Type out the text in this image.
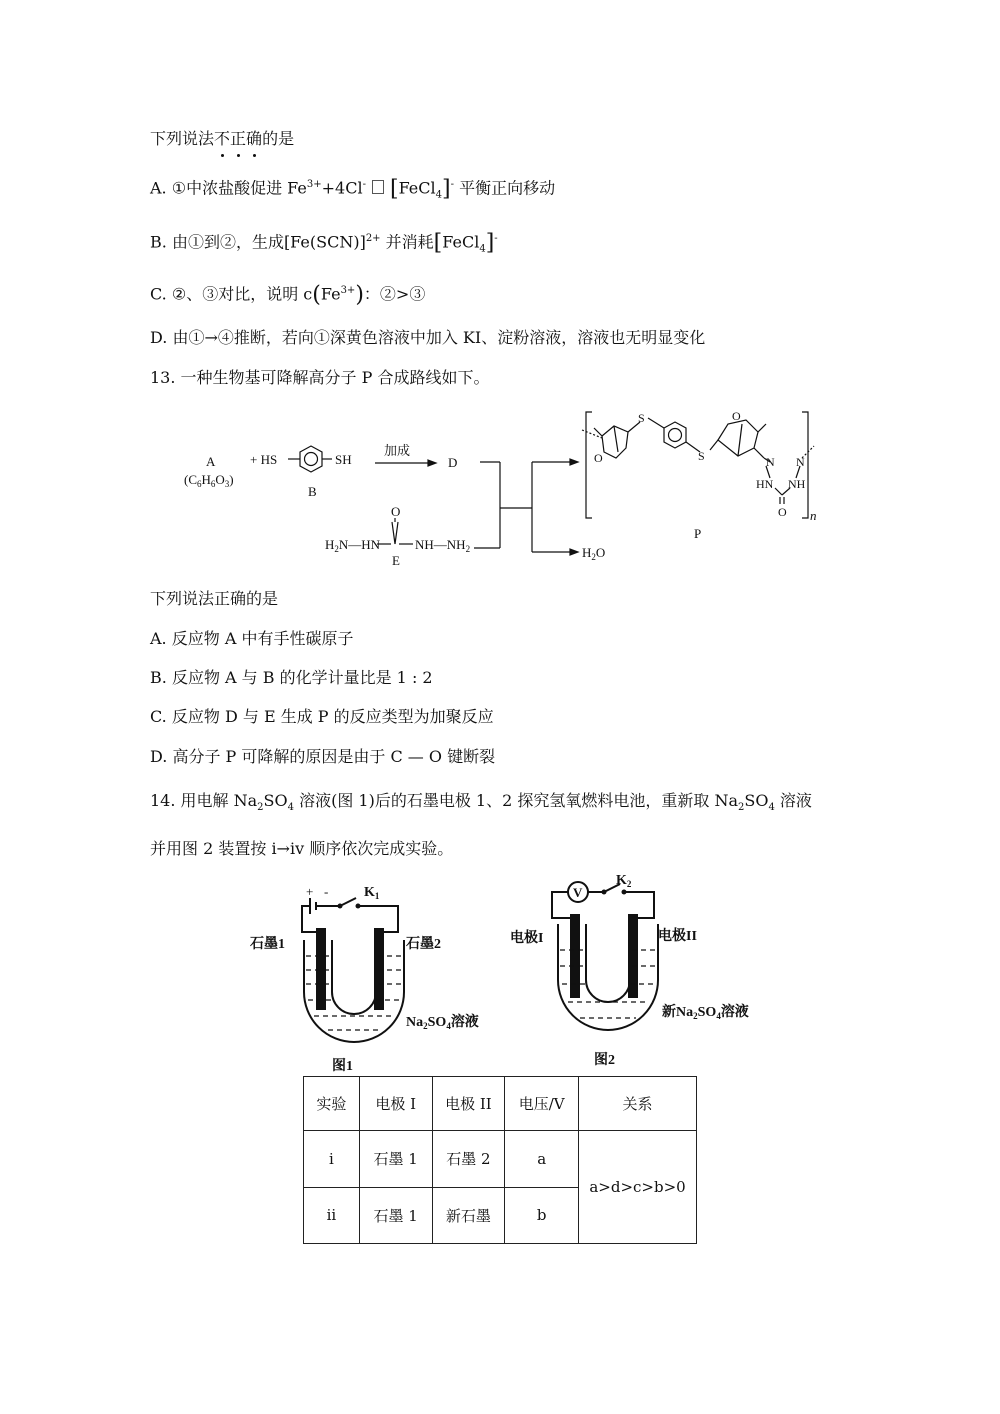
下列说法不正确的是
A. ①中浓盐酸促进 $Fe^{3+}+4Cl^-$ [FeCl$_4$]- 平衡正向移动
B. 由①到②，生成$[Fe(SCN)]^{2+}$ 并消耗[FeCl$_4$]-
C. ②、③对比，说明 $c(Fe^{3+})$：②>③
D. 由①→④推断，若向①深黄色溶液中加入 KI、淀粉溶液，溶液也无明显变化
13. 一种生物基可降解高分子 P 合成路线如下。
A
$(C_6H_6O_3)$
+ HS	SH
B
加成
D
O
$H_2N—HN$	$NH—NH_2$
E
$H_2O$
P
n
S
S
O
O
N N
HN NH
O
下列说法正确的是
A. 反应物 A 中有手性碳原子
B. 反应物 A 与 B 的化学计量比是 1 : 2
C. 反应物 D 与 E 生成 P 的反应类型为加聚反应
D. 高分子 P 可降解的原因是由于 C — O 键断裂
14. 用电解 $Na_2SO_4$ 溶液(图 1)后的石墨电极 1、2 探究氢氧燃料电池，重新取 $Na_2SO_4$ 溶液
并用图 2 装置按 i→iv 顺序依次完成实验。
+ -	$K_1$
石墨1	石墨2
$Na_2SO_4$溶液
图1
V
$K_2$
电极I	电极II
新$Na_2SO_4$溶液
图2
实验	电极 I	电极 II	电压/V	关系
i	石墨 1	石墨 2	a	a>d>c>b>0
ii	石墨 1	新石墨	b	
